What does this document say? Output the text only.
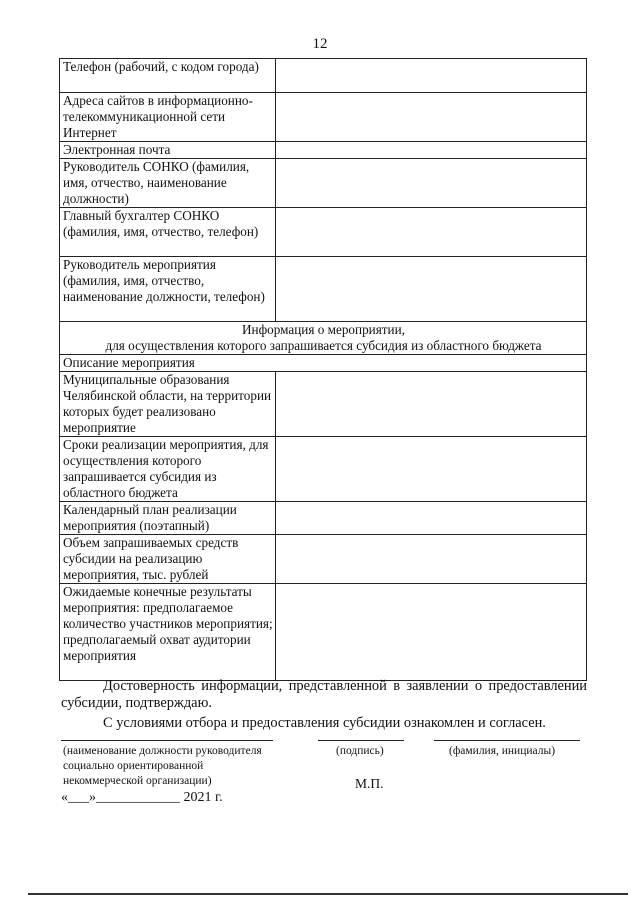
12
Телефон (рабочий, с кодом города)	
Адреса сайтов в информационно-телекоммуникационной сети Интернет	
Электронная почта	
Руководитель СОНКО (фамилия, имя, отчество, наименование должности)	
Главный бухгалтер СОНКО (фамилия, имя, отчество, телефон)	
Руководитель мероприятия (фамилия, имя, отчество, наименование должности, телефон)	

Информация о мероприятии,
для осуществления которого запрашивается субсидия из областного бюджета	

Описание мероприятия	
Муниципальные образования Челябинской области, на территории которых будет реализовано мероприятие	
Сроки реализации мероприятия, для осуществления которого запрашивается субсидия из областного бюджета	
Календарный план реализации мероприятия (поэтапный)	
Объем запрашиваемых средств субсидии на реализацию мероприятия, тыс. рублей	
Ожидаемые конечные результаты мероприятия: предполагаемое количество участников мероприятия; предполагаемый охват аудитории мероприятия	
Достоверность информации, представленной в заявлении о предоставлении субсидии, подтверждаю.
С условиями отбора и предоставления субсидии ознакомлен и согласен.
(наименование должности руководителя социально ориентированной некоммерческой организации)
(подпись)	(фамилия, инициалы)
М.П.
«___»____________ 2021 г.
